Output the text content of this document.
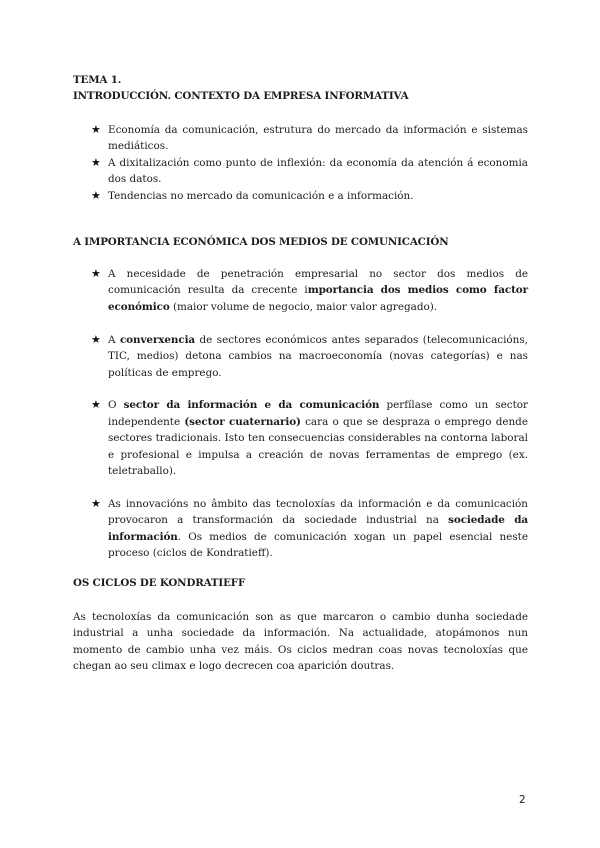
TEMA 1.
INTRODUCCIÓN. CONTEXTO DA EMPRESA INFORMATIVA
★ Economía da comunicación, estrutura do mercado da información e sistemas mediáticos.
★ A dixitalización como punto de inflexión: da economía da atención á economia dos datos.
★ Tendencias no mercado da comunicación e a información.
A IMPORTANCIA ECONÓMICA DOS MEDIOS DE COMUNICACIÓN
★ A necesidade de penetración empresarial no sector dos medios de comunicación resulta da crecente importancia dos medios como factor económico (maior volume de negocio, maior valor agregado).
★ A converxencia de sectores económicos antes separados (telecomunicacións, TIC, medios) detona cambios na macroeconomía (novas categorías) e nas políticas de emprego.
★ O sector da información e da comunicación perfílase como un sector independente (sector cuaternario) cara o que se despraza o emprego dende sectores tradicionais. Isto ten consecuencias considerables na contorna laboral e profesional e impulsa a creación de novas ferramentas de emprego (ex. teletraballo).
★ As innovacións no âmbito das tecnoloxías da información e da comunicación provocaron a transformación da sociedade industrial na sociedade da información. Os medios de comunicación xogan un papel esencial neste proceso (ciclos de Kondratieff).
OS CICLOS DE KONDRATIEFF
As tecnoloxías da comunicación son as que marcaron o cambio dunha sociedade industrial a unha sociedade da información. Na actualidade, atopámonos nun momento de cambio unha vez máis. Os ciclos medran coas novas tecnoloxías que chegan ao seu climax e logo decrecen coa aparición doutras.
2
